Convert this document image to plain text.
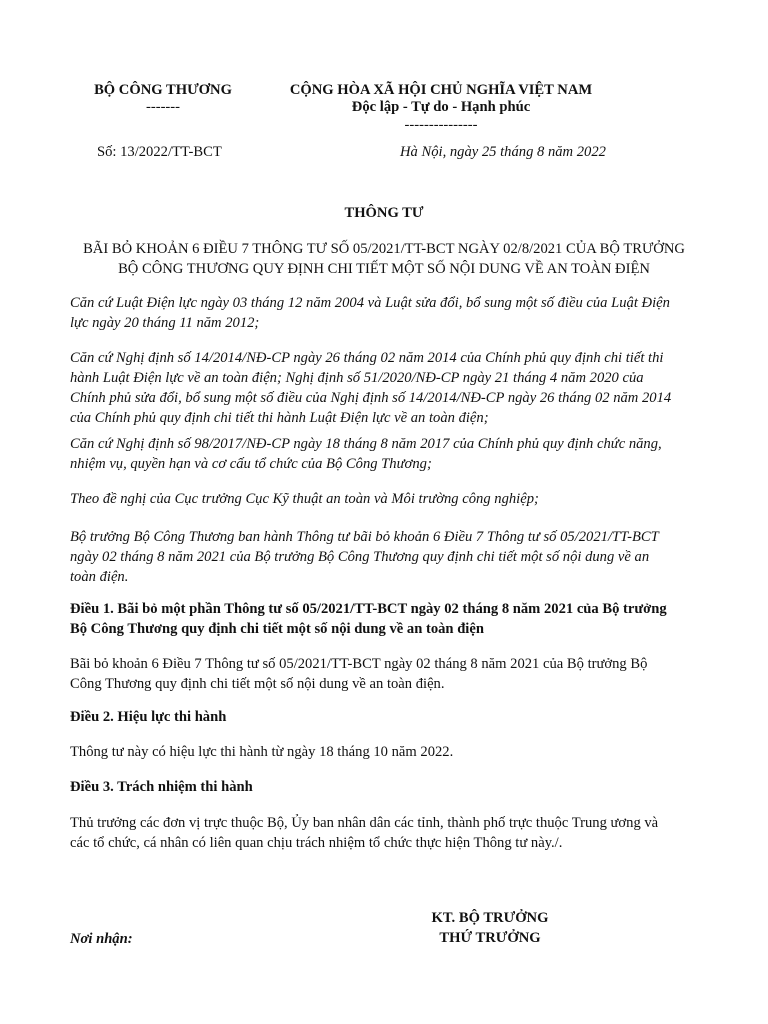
BỘ CÔNG THƯƠNG
-------
CỘNG HÒA XÃ HỘI CHỦ NGHĨA VIỆT NAM
Độc lập - Tự do - Hạnh phúc
---------------
Số: 13/2022/TT-BCT	Hà Nội, ngày 25 tháng 8 năm 2022
THÔNG TƯ
BÃI BỎ KHOẢN 6 ĐIỀU 7 THÔNG TƯ SỐ 05/2021/TT-BCT NGÀY 02/8/2021 CỦA BỘ TRƯỞNG
BỘ CÔNG THƯƠNG QUY ĐỊNH CHI TIẾT MỘT SỐ NỘI DUNG VỀ AN TOÀN ĐIỆN
Căn cứ Luật Điện lực ngày 03 tháng 12 năm 2004 và Luật sửa đổi, bổ sung một số điều của Luật Điện
lực ngày 20 tháng 11 năm 2012;
Căn cứ Nghị định số 14/2014/NĐ-CP ngày 26 tháng 02 năm 2014 của Chính phủ quy định chi tiết thi
hành Luật Điện lực về an toàn điện; Nghị định số 51/2020/NĐ-CP ngày 21 tháng 4 năm 2020 của
Chính phủ sửa đổi, bổ sung một số điều của Nghị định số 14/2014/NĐ-CP ngày 26 tháng 02 năm 2014
của Chính phủ quy định chi tiết thi hành Luật Điện lực về an toàn điện;
Căn cứ Nghị định số 98/2017/NĐ-CP ngày 18 tháng 8 năm 2017 của Chính phủ quy định chức năng,
nhiệm vụ, quyền hạn và cơ cấu tổ chức của Bộ Công Thương;
Theo đề nghị của Cục trưởng Cục Kỹ thuật an toàn và Môi trường công nghiệp;
Bộ trưởng Bộ Công Thương ban hành Thông tư bãi bỏ khoản 6 Điều 7 Thông tư số 05/2021/TT-BCT
ngày 02 tháng 8 năm 2021 của Bộ trưởng Bộ Công Thương quy định chi tiết một số nội dung về an
toàn điện.
Điều 1. Bãi bỏ một phần Thông tư số 05/2021/TT-BCT ngày 02 tháng 8 năm 2021 của Bộ trưởng
Bộ Công Thương quy định chi tiết một số nội dung về an toàn điện
Bãi bỏ khoản 6 Điều 7 Thông tư số 05/2021/TT-BCT ngày 02 tháng 8 năm 2021 của Bộ trưởng Bộ
Công Thương quy định chi tiết một số nội dung về an toàn điện.
Điều 2. Hiệu lực thi hành
Thông tư này có hiệu lực thi hành từ ngày 18 tháng 10 năm 2022.
Điều 3. Trách nhiệm thi hành
Thủ trưởng các đơn vị trực thuộc Bộ, Ủy ban nhân dân các tỉnh, thành phố trực thuộc Trung ương và
các tổ chức, cá nhân có liên quan chịu trách nhiệm tổ chức thực hiện Thông tư này./.
KT. BỘ TRƯỞNG
THỨ TRƯỞNG
Nơi nhận:
